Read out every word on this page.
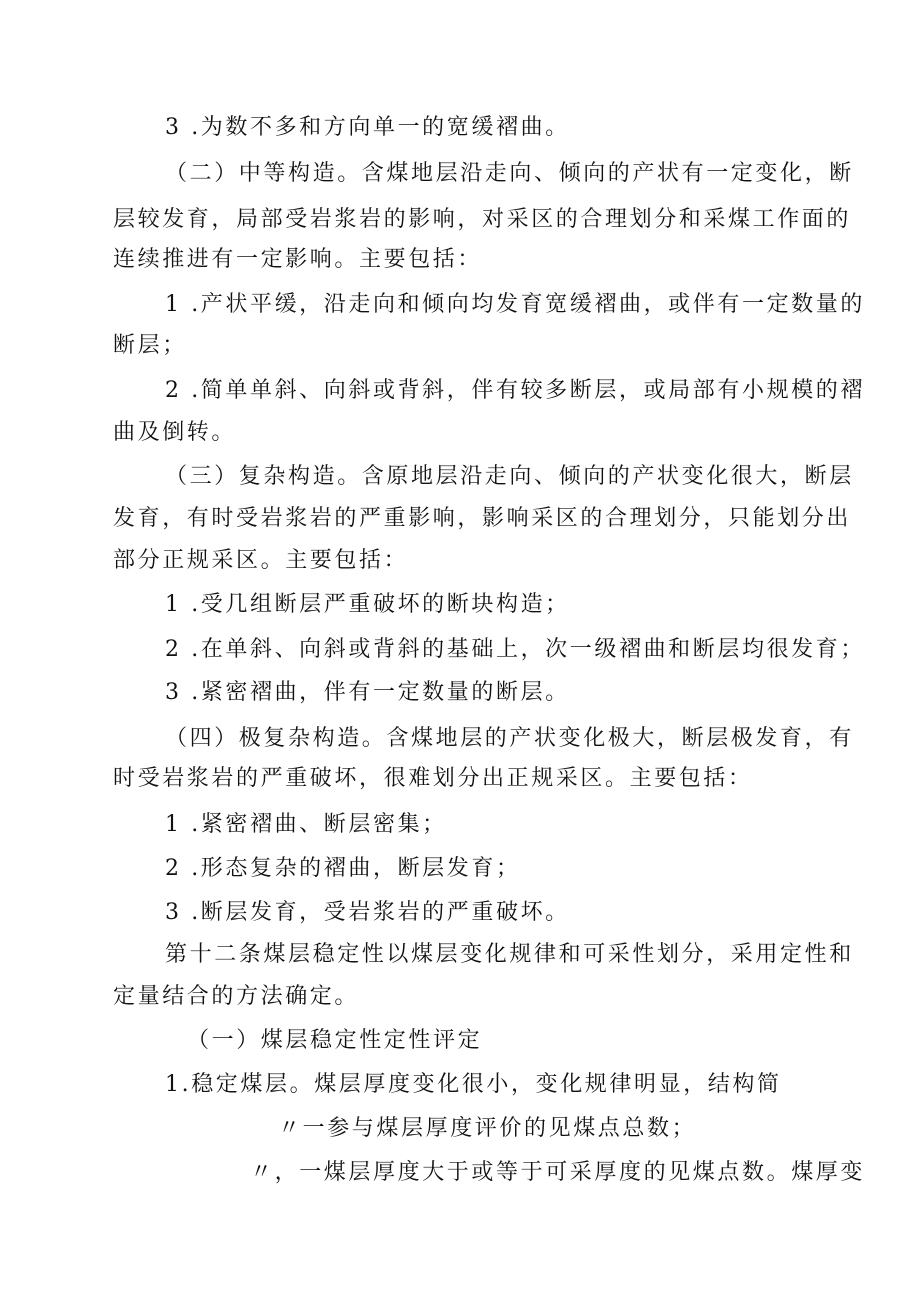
3 .为数不多和方向单一的宽缓褶曲。
（二）中等构造。含煤地层沿走向、倾向的产状有一定变化，断
层较发育，局部受岩浆岩的影响，对采区的合理划分和采煤工作面的
连续推进有一定影响。主要包括：
1 .产状平缓，沿走向和倾向均发育宽缓褶曲，或伴有一定数量的
断层；
2 .简单单斜、向斜或背斜，伴有较多断层，或局部有小规模的褶
曲及倒转。
（三）复杂构造。含原地层沿走向、倾向的产状变化很大，断层
发育，有时受岩浆岩的严重影响，影响采区的合理划分，只能划分出
部分正规采区。主要包括：
1 .受几组断层严重破坏的断块构造；
2 .在单斜、向斜或背斜的基础上，次一级褶曲和断层均很发育；
3 .紧密褶曲，伴有一定数量的断层。
（四）极复杂构造。含煤地层的产状变化极大，断层极发育，有
时受岩浆岩的严重破坏，很难划分出正规采区。主要包括：
1 .紧密褶曲、断层密集；
2 .形态复杂的褶曲，断层发育；
3 .断层发育，受岩浆岩的严重破坏。
第十二条煤层稳定性以煤层变化规律和可采性划分，采用定性和
定量结合的方法确定。
（一）煤层稳定性定性评定
1.稳定煤层。煤层厚度变化很小，变化规律明显，结构简
〃一参与煤层厚度评价的见煤点总数；
〃，一煤层厚度大于或等于可采厚度的见煤点数。煤厚变
